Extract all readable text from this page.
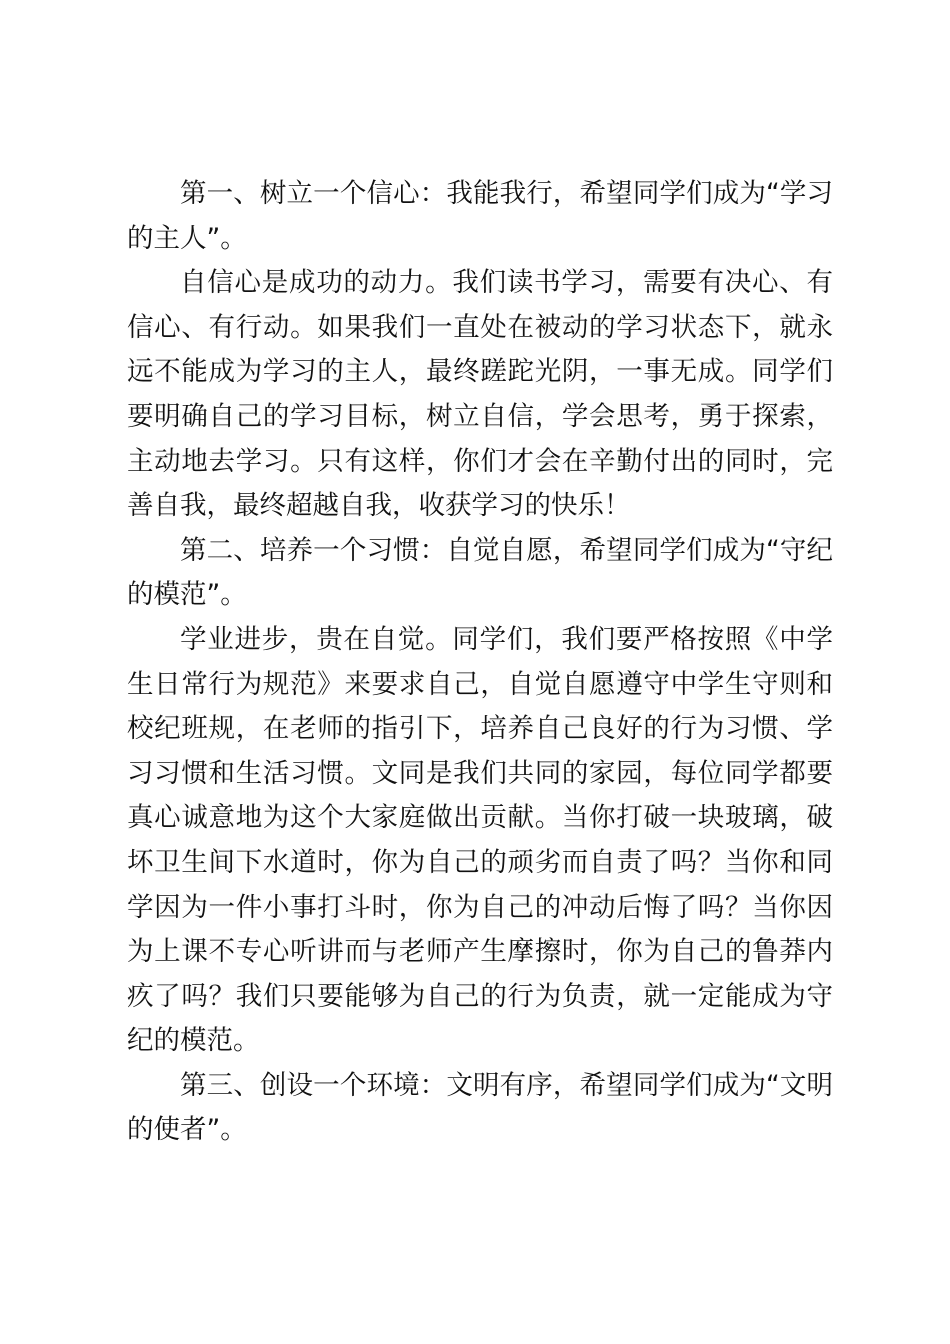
第一、树立一个信心：我能我行，希望同学们成为“学习的主人”。

自信心是成功的动力。我们读书学习，需要有决心、有信心、有行动。如果我们一直处在被动的学习状态下，就永远不能成为学习的主人，最终蹉跎光阴，一事无成。同学们要明确自己的学习目标，树立自信，学会思考，勇于探索，主动地去学习。只有这样，你们才会在辛勤付出的同时，完善自我，最终超越自我，收获学习的快乐！

第二、培养一个习惯：自觉自愿，希望同学们成为“守纪的模范”。

学业进步，贵在自觉。同学们，我们要严格按照《中学生日常行为规范》来要求自己，自觉自愿遵守中学生守则和校纪班规，在老师的指引下，培养自己良好的行为习惯、学习习惯和生活习惯。文同是我们共同的家园，每位同学都要真心诚意地为这个大家庭做出贡献。当你打破一块玻璃，破坏卫生间下水道时，你为自己的顽劣而自责了吗？当你和同学因为一件小事打斗时，你为自己的冲动后悔了吗？当你因为上课不专心听讲而与老师产生摩擦时，你为自己的鲁莽内疚了吗？我们只要能够为自己的行为负责，就一定能成为守纪的模范。

第三、创设一个环境：文明有序，希望同学们成为“文明的使者”。
